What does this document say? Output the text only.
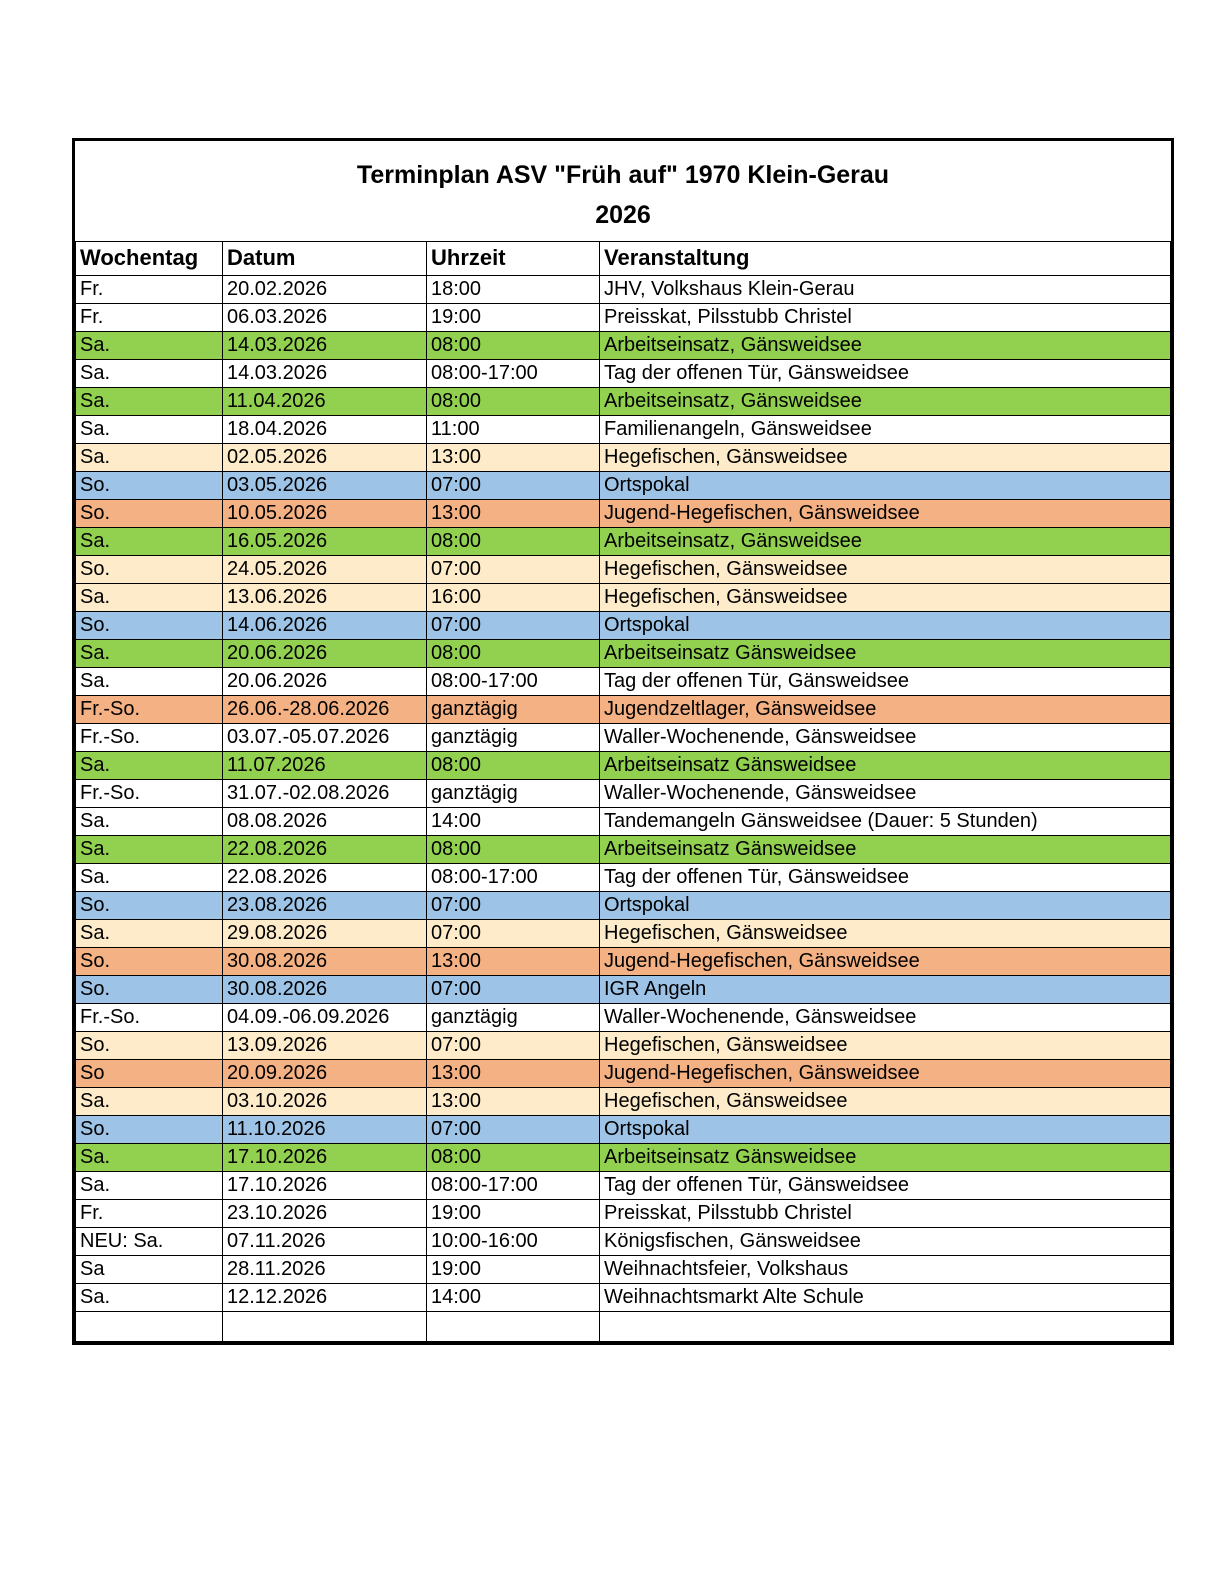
Terminplan ASV "Früh auf" 1970 Klein-Gerau
2026			

Wochentag	Datum	Uhrzeit	Veranstaltung
Fr.	20.02.2026	18:00	JHV, Volkshaus Klein-Gerau
Fr.	06.03.2026	19:00	Preisskat, Pilsstubb Christel
Sa.	14.03.2026	08:00	Arbeitseinsatz, Gänsweidsee
Sa.	14.03.2026	08:00-17:00	Tag der offenen Tür, Gänsweidsee
Sa.	11.04.2026	08:00	Arbeitseinsatz, Gänsweidsee
Sa.	18.04.2026	11:00	Familienangeln, Gänsweidsee
Sa.	02.05.2026	13:00	Hegefischen, Gänsweidsee
So.	03.05.2026	07:00	Ortspokal
So.	10.05.2026	13:00	Jugend-Hegefischen, Gänsweidsee
Sa.	16.05.2026	08:00	Arbeitseinsatz, Gänsweidsee
So.	24.05.2026	07:00	Hegefischen, Gänsweidsee
Sa.	13.06.2026	16:00	Hegefischen, Gänsweidsee
So.	14.06.2026	07:00	Ortspokal
Sa.	20.06.2026	08:00	Arbeitseinsatz Gänsweidsee
Sa.	20.06.2026	08:00-17:00	Tag der offenen Tür, Gänsweidsee
Fr.-So.	26.06.-28.06.2026	ganztägig	Jugendzeltlager, Gänsweidsee
Fr.-So.	03.07.-05.07.2026	ganztägig	Waller-Wochenende, Gänsweidsee
Sa.	11.07.2026	08:00	Arbeitseinsatz Gänsweidsee
Fr.-So.	31.07.-02.08.2026	ganztägig	Waller-Wochenende, Gänsweidsee
Sa.	08.08.2026	14:00	Tandemangeln Gänsweidsee (Dauer: 5 Stunden)
Sa.	22.08.2026	08:00	Arbeitseinsatz Gänsweidsee
Sa.	22.08.2026	08:00-17:00	Tag der offenen Tür, Gänsweidsee
So.	23.08.2026	07:00	Ortspokal
Sa.	29.08.2026	07:00	Hegefischen, Gänsweidsee
So.	30.08.2026	13:00	Jugend-Hegefischen, Gänsweidsee
So.	30.08.2026	07:00	IGR Angeln
Fr.-So.	04.09.-06.09.2026	ganztägig	Waller-Wochenende, Gänsweidsee
So.	13.09.2026	07:00	Hegefischen, Gänsweidsee
So	20.09.2026	13:00	Jugend-Hegefischen, Gänsweidsee
Sa.	03.10.2026	13:00	Hegefischen, Gänsweidsee
So.	11.10.2026	07:00	Ortspokal
Sa.	17.10.2026	08:00	Arbeitseinsatz Gänsweidsee
Sa.	17.10.2026	08:00-17:00	Tag der offenen Tür, Gänsweidsee
Fr.	23.10.2026	19:00	Preisskat, Pilsstubb Christel
NEU: Sa.	07.11.2026	10:00-16:00	Königsfischen, Gänsweidsee
Sa	28.11.2026	19:00	Weihnachtsfeier, Volkshaus
Sa.	12.12.2026	14:00	Weihnachtsmarkt Alte Schule
